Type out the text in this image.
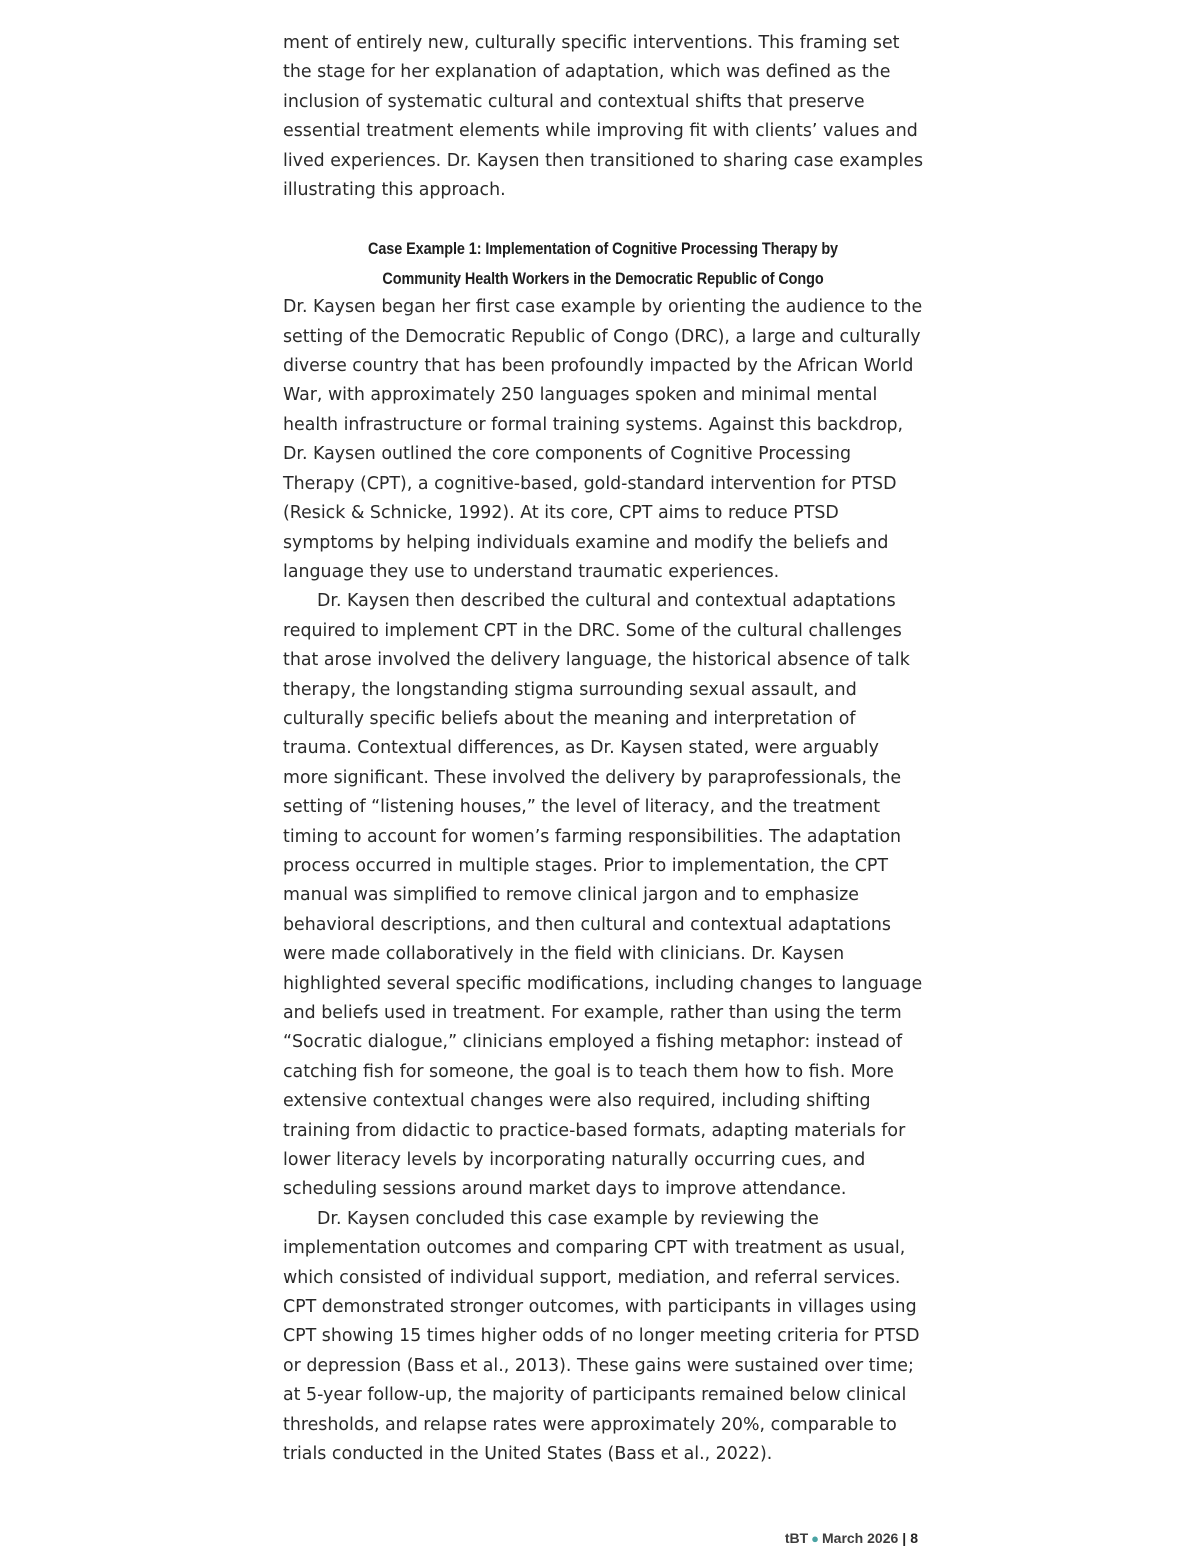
ment of entirely new, culturally specific interventions. This framing set the stage for her explanation of adaptation, which was defined as the inclusion of systematic cultural and contextual shifts that preserve essential treatment elements while improving fit with clients’ values and lived experiences. Dr. Kaysen then transitioned to sharing case examples illustrating this approach.

Case Example 1: Implementation of Cognitive Processing Therapy by
Community Health Workers in the Democratic Republic of Congo

Dr. Kaysen began her first case example by orienting the audience to the setting of the Democratic Republic of Congo (DRC), a large and culturally diverse country that has been profoundly impacted by the African World War, with approximately 250 languages spoken and minimal mental health infrastructure or formal training systems. Against this backdrop, Dr. Kaysen outlined the core components of Cognitive Processing Therapy (CPT), a cognitive-based, gold-standard intervention for PTSD (Resick & Schnicke, 1992). At its core, CPT aims to reduce PTSD symptoms by helping individuals examine and modify the beliefs and language they use to understand traumatic experiences.

Dr. Kaysen then described the cultural and contextual adaptations required to implement CPT in the DRC. Some of the cultural challenges that arose involved the delivery language, the historical absence of talk therapy, the longstanding stigma surrounding sexual assault, and culturally specific beliefs about the meaning and interpretation of trauma. Contextual differences, as Dr. Kaysen stated, were arguably more significant. These involved the delivery by paraprofessionals, the setting of “listening houses,” the level of literacy, and the treatment timing to account for women’s farming responsibilities. The adaptation process occurred in multiple stages. Prior to implementation, the CPT manual was simplified to remove clinical jargon and to emphasize behavioral descriptions, and then cultural and contextual adaptations were made collaboratively in the field with clinicians. Dr. Kaysen highlighted several specific modifications, including changes to language and beliefs used in treatment. For example, rather than using the term “Socratic dialogue,” clinicians employed a fishing metaphor: instead of catching fish for someone, the goal is to teach them how to fish. More extensive contextual changes were also required, including shifting training from didactic to practice-based formats, adapting materials for lower literacy levels by incorporating naturally occurring cues, and scheduling sessions around market days to improve attendance.

Dr. Kaysen concluded this case example by reviewing the implementation outcomes and comparing CPT with treatment as usual, which consisted of individual support, mediation, and referral services. CPT demonstrated stronger outcomes, with participants in villages using CPT showing 15 times higher odds of no longer meeting criteria for PTSD or depression (Bass et al., 2013). These gains were sustained over time; at 5-year follow-up, the majority of participants remained below clinical thresholds, and relapse rates were approximately 20%, comparable to trials conducted in the United States (Bass et al., 2022).

tBT ● March 2026 | 8
